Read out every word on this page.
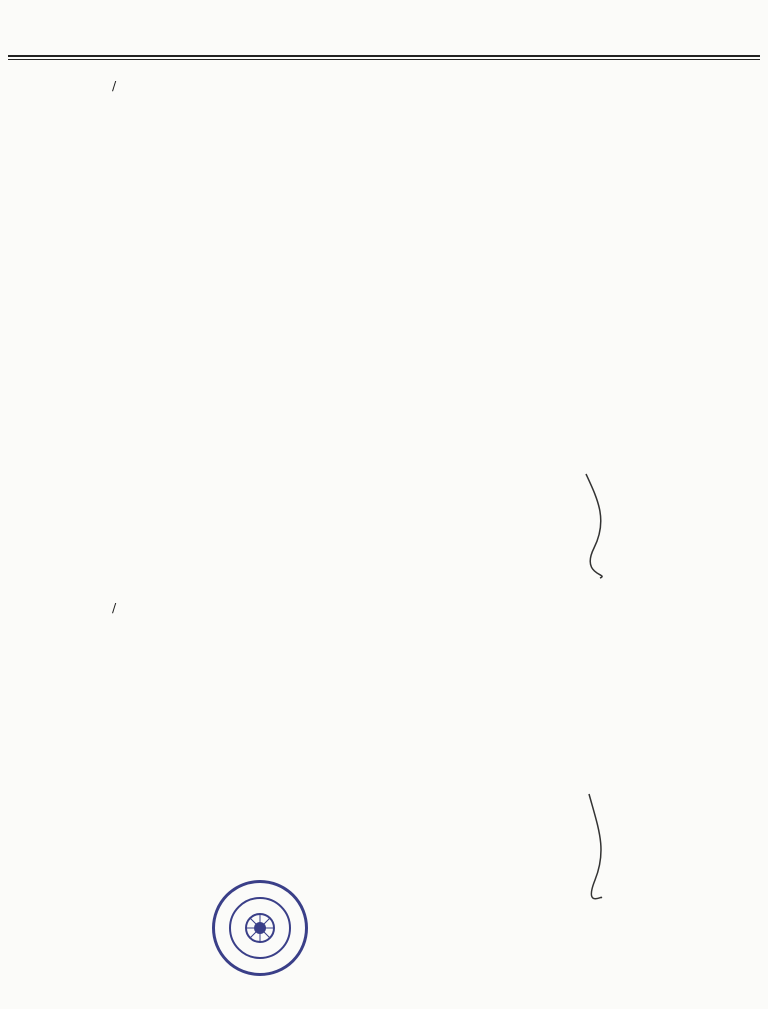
/
/
